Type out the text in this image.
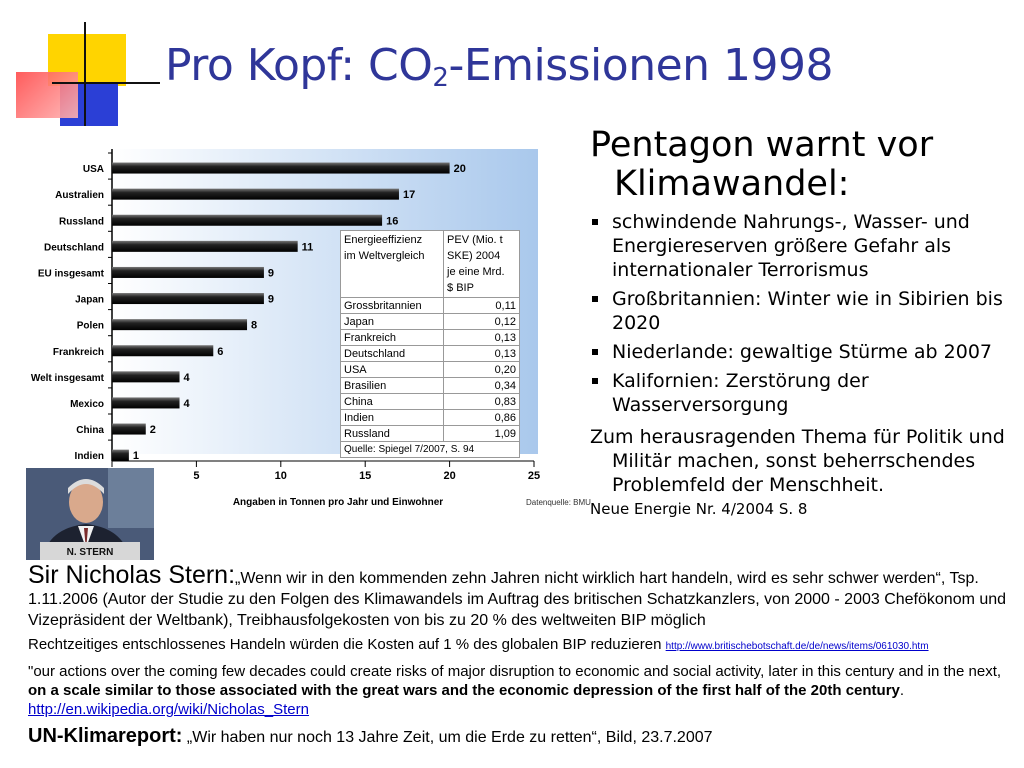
Pro Kopf: $CO_2$-Emissionen 1998
USA
Australien
Russland
Deutschland
EU insgesamt
Japan
Polen
Frankreich
Welt insgesamt
Mexico
China
Indien
20
17
16
11
9
9
8
6
4
4
2
1
5	10	15	20	25
Angaben in Tonnen pro Jahr und Einwohner
Energieeffizienz
im Weltvergleich	PEV (Mio. t
SKE) 2004
je eine Mrd.
$ BIP
Grossbritannien	0,11
Japan	0,12
Frankreich	0,13
Deutschland	0,13
USA	0,20
Brasilien	0,34
China	0,83
Indien	0,86
Russland	1,09
Quelle: Spiegel 7/2007, S. 94	
Datenquelle: BMU
N. STERN

Pentagon warnt vor Klimawandel:

schwindende Nahrungs-, Wasser- und Energiereserven größere Gefahr als internationaler Terrorismus
Großbritannien: Winter wie in Sibirien bis 2020
Niederlande: gewaltige Stürme ab 2007
Kalifornien: Zerstörung der Wasserversorgung
Zum herausragenden Thema für Politik und Militär machen, sonst beherrschendes Problemfeld der Menschheit.
Neue Energie Nr. 4/2004 S. 8
Sir Nicholas Stern:„Wenn wir in den kommenden zehn Jahren nicht wirklich hart handeln, wird es sehr schwer werden“, Tsp. 1.11.2006 (Autor der Studie zu den Folgen des Klimawandels im Auftrag des britischen Schatzkanzlers, von 2000 - 2003 Chefökonom und Vizepräsident der Weltbank), Treibhausfolgekosten von bis zu 20 % des weltweiten BIP möglich
Rechtzeitiges entschlossenes Handeln würden die Kosten auf 1 % des globalen BIP reduzieren http://www.britischebotschaft.de/de/news/items/061030.htm
"our actions over the coming few decades could create risks of major disruption to economic and social activity, later in this century and in the next, on a scale similar to those associated with the great wars and the economic depression of the first half of the 20th century. http://en.wikipedia.org/wiki/Nicholas_Stern
UN-Klimareport: „Wir haben nur noch 13 Jahre Zeit, um die Erde zu retten“, Bild, 23.7.2007
